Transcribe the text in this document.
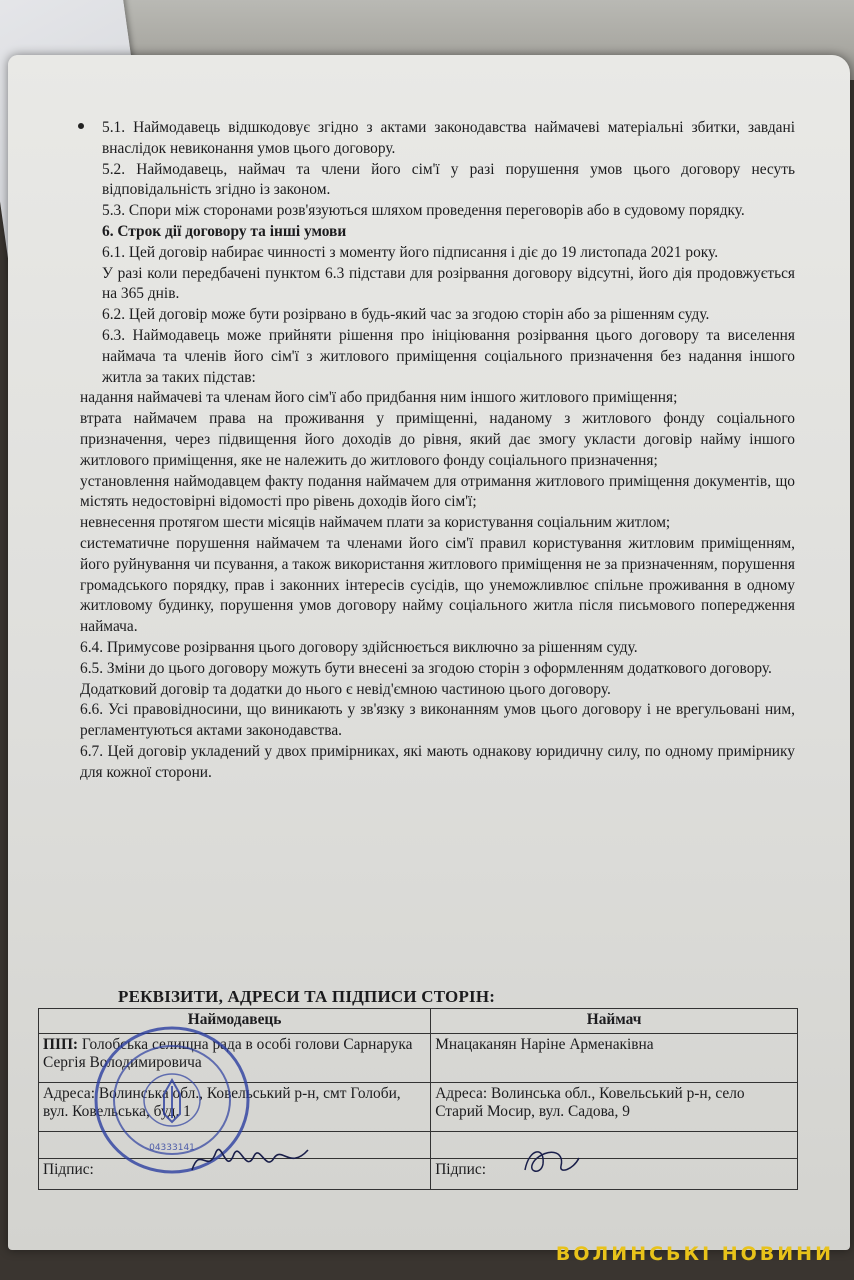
5.1. Наймодавець відшкодовує згідно з актами законодавства наймачеві матеріальні збитки, завдані внаслідок невиконання умов цього договору.

5.2. Наймодавець, наймач та члени його сім'ї у разі порушення умов цього договору несуть відповідальність згідно із законом.

5.3. Спори між сторонами розв'язуються шляхом проведення переговорів або в судовому порядку.

6. Строк дії договору та інші умови

6.1. Цей договір набирає чинності з моменту його підписання і діє до 19 листопада 2021 року.

У разі коли передбачені пунктом 6.3 підстави для розірвання договору відсутні, його дія продовжується на 365 днів.

6.2. Цей договір може бути розірвано в будь-який час за згодою сторін або за рішенням суду.

6.3. Наймодавець може прийняти рішення про ініціювання розірвання цього договору та виселення наймача та членів його сім'ї з житлового приміщення соціального призначення без надання іншого житла за таких підстав:

надання наймачеві та членам його сім'ї або придбання ним іншого житлового приміщення;

втрата наймачем права на проживання у приміщенні, наданому з житлового фонду соціального призначення, через підвищення його доходів до рівня, який дає змогу укласти договір найму іншого житлового приміщення, яке не належить до житлового фонду соціального призначення;

установлення наймодавцем факту подання наймачем для отримання житлового приміщення документів, що містять недостовірні відомості про рівень доходів його сім'ї;

невнесення протягом шести місяців наймачем плати за користування соціальним житлом;

систематичне порушення наймачем та членами його сім'ї правил користування житловим приміщенням, його руйнування чи псування, а також використання житлового приміщення не за призначенням, порушення громадського порядку, прав і законних інтересів сусідів, що унеможливлює спільне проживання в одному житловому будинку, порушення умов договору найму соціального житла після письмового попередження наймача.

6.4. Примусове розірвання цього договору здійснюється виключно за рішенням суду.

6.5. Зміни до цього договору можуть бути внесені за згодою сторін з оформленням додаткового договору.

Додатковий договір та додатки до нього є невід'ємною частиною цього договору.

6.6. Усі правовідносини, що виникають у зв'язку з виконанням умов цього договору і не врегульовані ним, регламентуються актами законодавства.

6.7. Цей договір укладений у двох примірниках, які мають однакову юридичну силу, по одному примірнику для кожної сторони.

РЕКВІЗИТИ, АДРЕСИ ТА ПІДПИСИ СТОРІН:
Наймодавець	Наймач
ПІП: Голобська селищна рада в особі голови Сарнарука Сергія Володимировича	Мнацаканян Наріне Арменаківна
Адреса: Волинська обл., Ковельський р-н, смт Голоби, вул. Ковельська, буд. 1	Адреса: Волинська обл., Ковельський р-н, село Старий Мосир, вул. Садова, 9

Підпис:	Підпис:
04333141
ВОЛИНСЬКІ НОВИНИ
